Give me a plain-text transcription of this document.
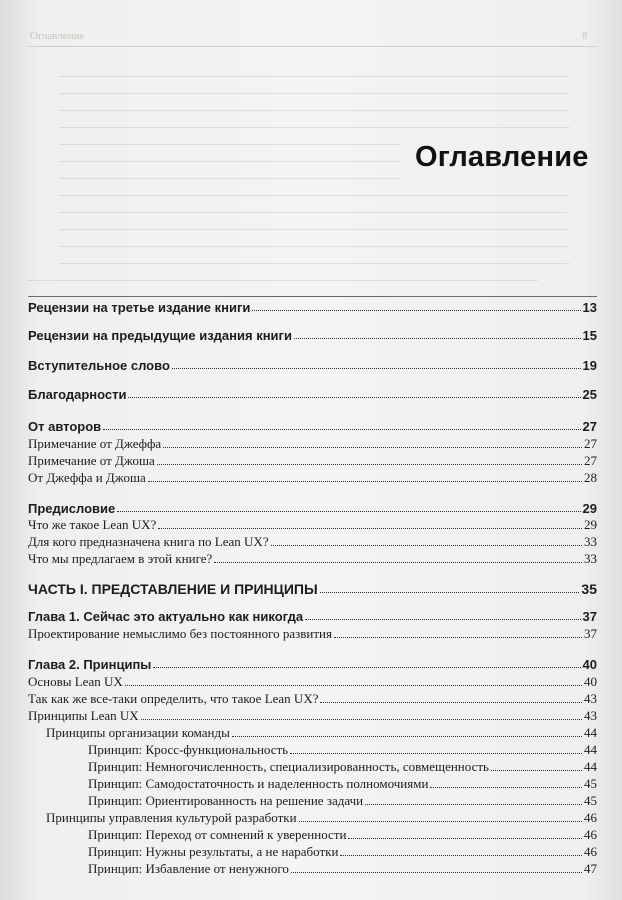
Оглавление	8
Оглавление
Рецензии на третье издание книги	13
Рецензии на предыдущие издания книги	15
Вступительное слово	19
Благодарности	25
От авторов	27
Примечание от Джеффа	27
Примечание от Джоша	27
От Джеффа и Джоша	28
Предисловие	29
Что же такое Lean UX?	29
Для кого предназначена книга по Lean UX?	33
Что мы предлагаем в этой книге?	33
ЧАСТЬ I. ПРЕДСТАВЛЕНИЕ И ПРИНЦИПЫ	35
Глава 1. Сейчас это актуально как никогда	37
Проектирование немыслимо без постоянного развития	37
Глава 2. Принципы	40
Основы Lean UX	40
Так как же все-таки определить, что такое Lean UX?	43
Принципы Lean UX	43
Принципы организации команды	44
Принцип: Кросс-функциональность	44
Принцип: Немногочисленность, специализированность, совмещенность	44
Принцип: Самодостаточность и наделенность полномочиями	45
Принцип: Ориентированность на решение задачи	45
Принципы управления культурой разработки	46
Принцип: Переход от сомнений к уверенности	46
Принцип: Нужны результаты, а не наработки	46
Принцип: Избавление от ненужного	47
